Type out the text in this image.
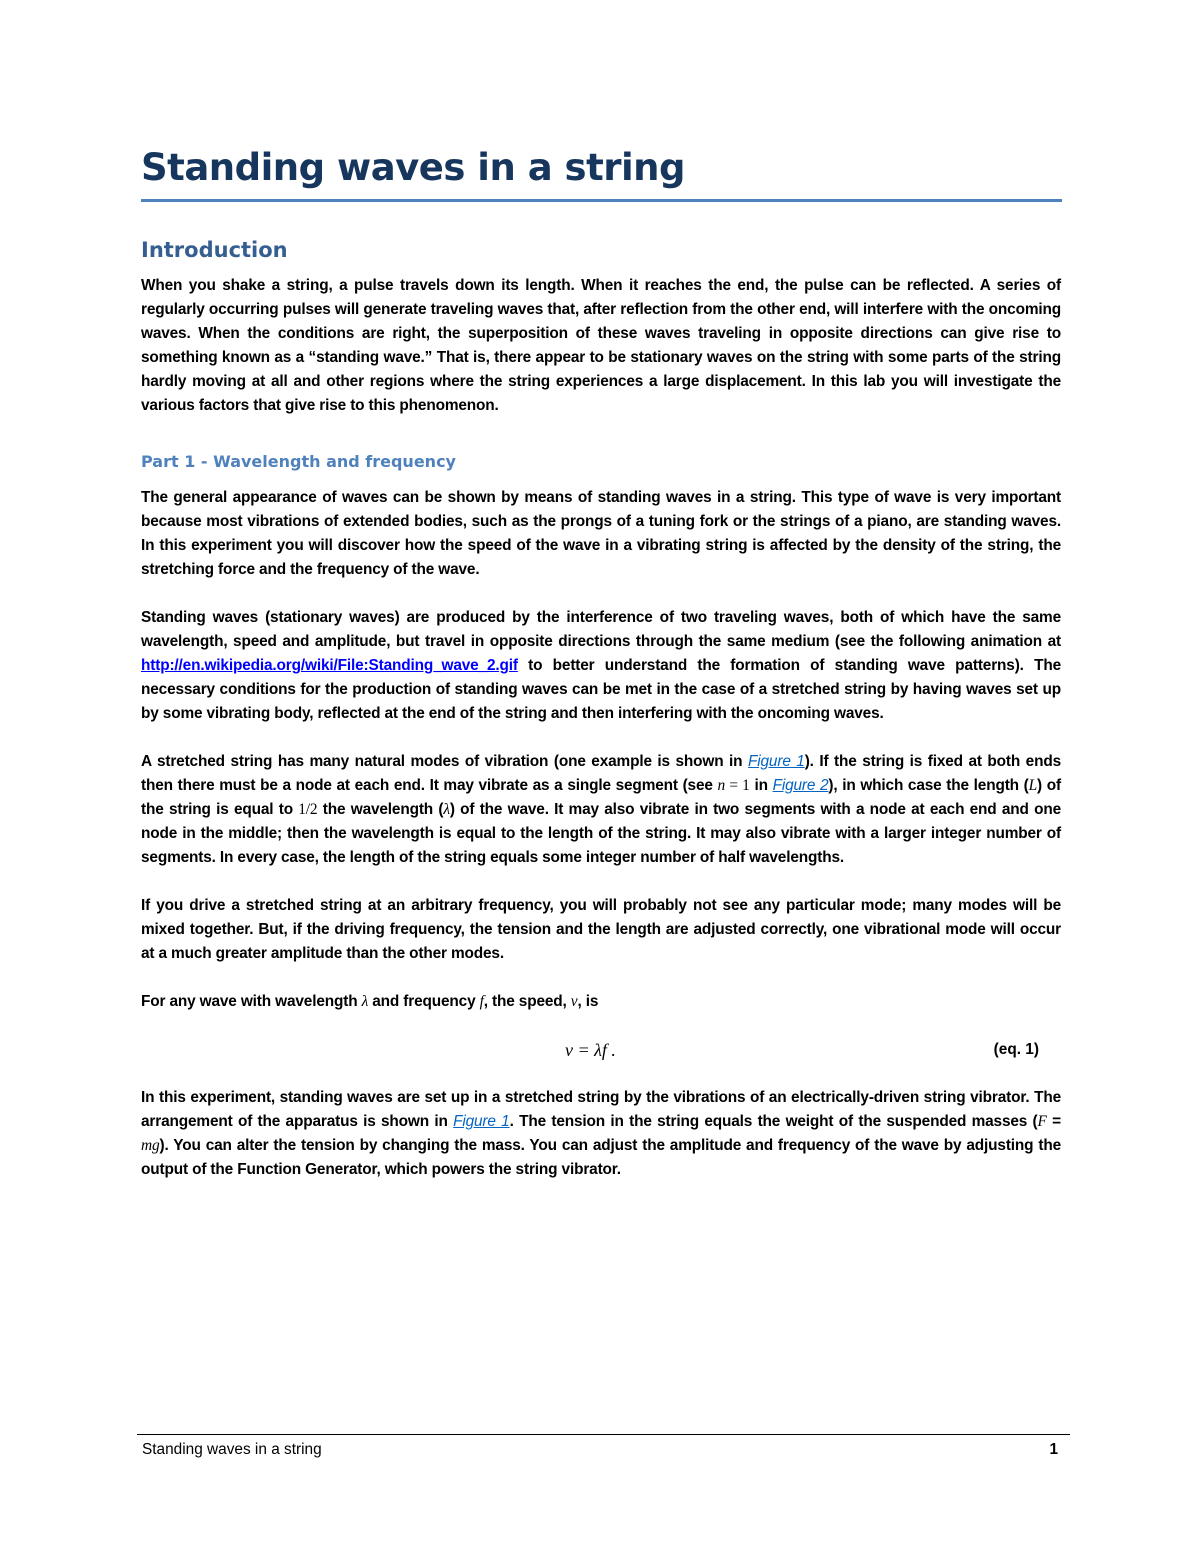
Standing waves in a string
Introduction

When you shake a string, a pulse travels down its length. When it reaches the end, the pulse can be reflected. A series of regularly occurring pulses will generate traveling waves that, after reflection from the other end, will interfere with the oncoming waves. When the conditions are right, the superposition of these waves traveling in opposite directions can give rise to something known as a “standing wave.” That is, there appear to be stationary waves on the string with some parts of the string hardly moving at all and other regions where the string experiences a large displacement. In this lab you will investigate the various factors that give rise to this phenomenon.

Part 1 - Wavelength and frequency

The general appearance of waves can be shown by means of standing waves in a string. This type of wave is very important because most vibrations of extended bodies, such as the prongs of a tuning fork or the strings of a piano, are standing waves. In this experiment you will discover how the speed of the wave in a vibrating string is affected by the density of the string, the stretching force and the frequency of the wave.

Standing waves (stationary waves) are produced by the interference of two traveling waves, both of which have the same wavelength, speed and amplitude, but travel in opposite directions through the same medium (see the following animation at http://en.wikipedia.org/wiki/File:Standing_wave_2.gif to better understand the formation of standing wave patterns). The necessary conditions for the production of standing waves can be met in the case of a stretched string by having waves set up by some vibrating body, reflected at the end of the string and then interfering with the oncoming waves.

A stretched string has many natural modes of vibration (one example is shown in Figure 1). If the string is fixed at both ends then there must be a node at each end. It may vibrate as a single segment (see n = 1 in Figure 2), in which case the length (L) of the string is equal to 1/2 the wavelength (λ) of the wave. It may also vibrate in two segments with a node at each end and one node in the middle; then the wavelength is equal to the length of the string. It may also vibrate with a larger integer number of segments. In every case, the length of the string equals some integer number of half wavelengths.

If you drive a stretched string at an arbitrary frequency, you will probably not see any particular mode; many modes will be mixed together. But, if the driving frequency, the tension and the length are adjusted correctly, one vibrational mode will occur at a much greater amplitude than the other modes.

For any wave with wavelength λ and frequency f, the speed, v, is

v = λf .	(eq. 1)

In this experiment, standing waves are set up in a stretched string by the vibrations of an electrically-driven string vibrator. The arrangement of the apparatus is shown in Figure 1. The tension in the string equals the weight of the suspended masses (F = mg). You can alter the tension by changing the mass. You can adjust the amplitude and frequency of the wave by adjusting the output of the Function Generator, which powers the string vibrator.

Standing waves in a string	1
